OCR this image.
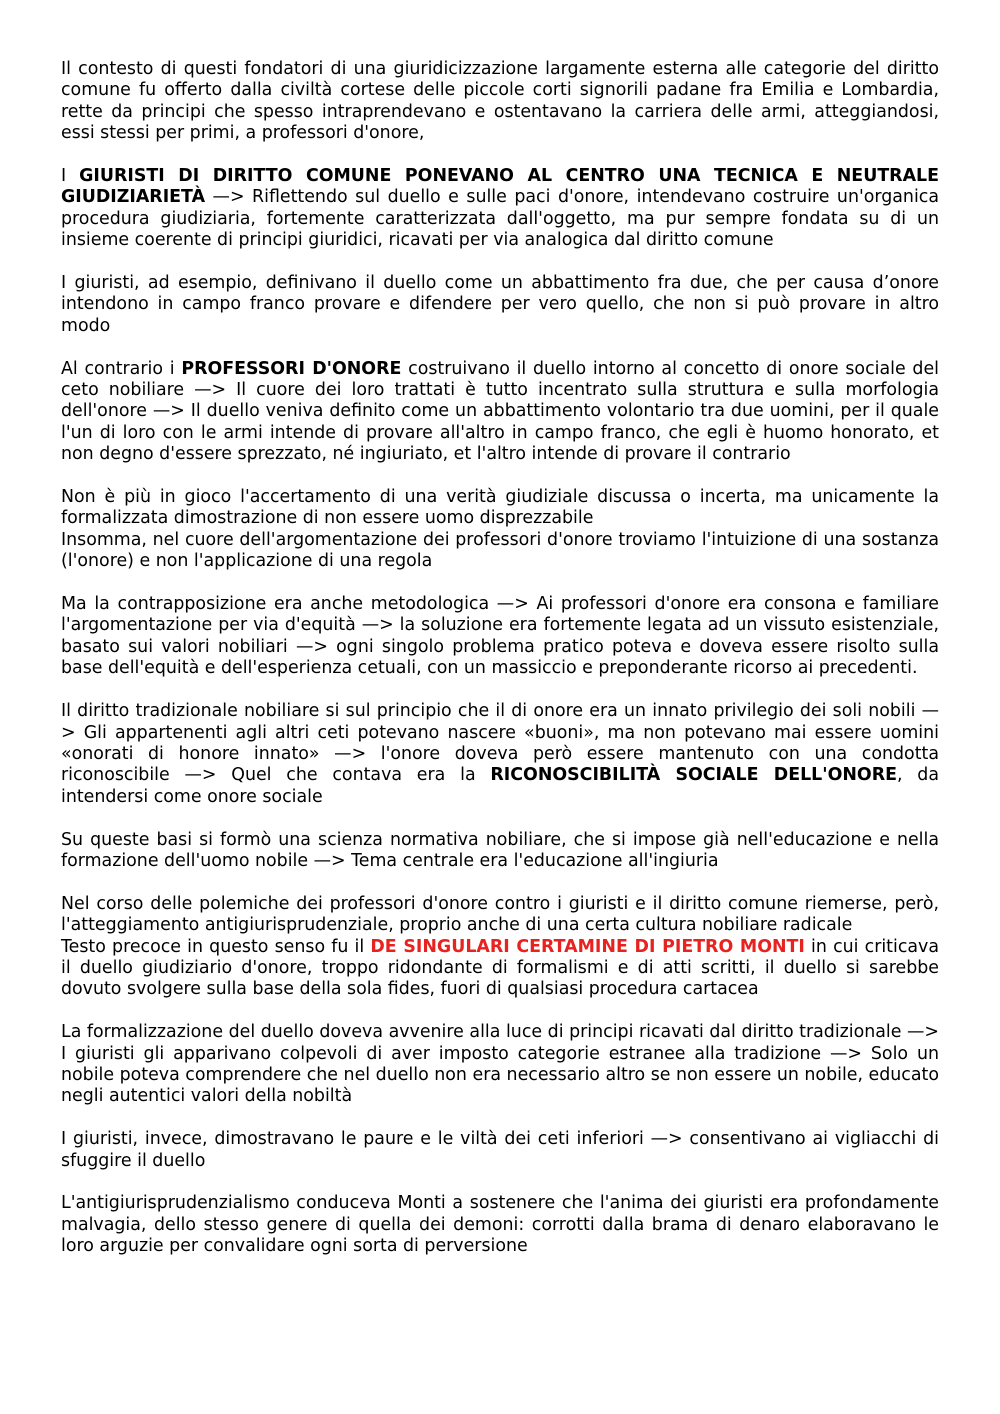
Il contesto di questi fondatori di una giuridicizzazione largamente esterna alle categorie del diritto comune fu offerto dalla civiltà cortese delle piccole corti signorili padane fra Emilia e Lombardia, rette da principi che spesso intraprendevano e ostentavano la carriera delle armi, atteggiandosi, essi stessi per primi, a professori d'onore,

I GIURISTI DI DIRITTO COMUNE PONEVANO AL CENTRO UNA TECNICA E NEUTRALE GIUDIZIARIETÀ —> Riflettendo sul duello e sulle paci d'onore, intendevano costruire un'organica procedura giudiziaria, fortemente caratterizzata dall'oggetto, ma pur sempre fondata su di un insieme coerente di principi giuridici, ricavati per via analogica dal diritto comune

I giuristi, ad esempio, definivano il duello come un abbattimento fra due, che per causa d’onore intendono in campo franco provare e difendere per vero quello, che non si può provare in altro modo

Al contrario i PROFESSORI D'ONORE costruivano il duello intorno al concetto di onore sociale del ceto nobiliare —> Il cuore dei loro trattati è tutto incentrato sulla struttura e sulla morfologia dell'onore —> Il duello veniva definito come un abbattimento volontario tra due uomini, per il quale l'un di loro con le armi intende di provare all'altro in campo franco, che egli è huomo honorato, et non degno d'essere sprezzato, né ingiuriato, et l'altro intende di provare il contrario

Non è più in gioco l'accertamento di una verità giudiziale discussa o incerta, ma unicamente la formalizzata dimostrazione di non essere uomo disprezzabile

Insomma, nel cuore dell'argomentazione dei professori d'onore troviamo l'intuizione di una sostanza (l'onore) e non l'applicazione di una regola

Ma la contrapposizione era anche metodologica —> Ai professori d'onore era consona e familiare l'argomentazione per via d'equità —> la soluzione era fortemente legata ad un vissuto esistenziale, basato sui valori nobiliari —> ogni singolo problema pratico poteva e doveva essere risolto sulla base dell'equità e dell'esperienza cetuali, con un massiccio e preponderante ricorso ai precedenti.

Il diritto tradizionale nobiliare si sul principio che il di onore era un innato privilegio dei soli nobili —> Gli appartenenti agli altri ceti potevano nascere «buoni», ma non potevano mai essere uomini «onorati di honore innato» —> l'onore doveva però essere mantenuto con una condotta riconoscibile —> Quel che contava era la RICONOSCIBILITÀ SOCIALE DELL'ONORE, da intendersi come onore sociale

Su queste basi si formò una scienza normativa nobiliare, che si impose già nell'educazione e nella formazione dell'uomo nobile —> Tema centrale era l'educazione all'ingiuria

Nel corso delle polemiche dei professori d'onore contro i giuristi e il diritto comune riemerse, però, l'atteggiamento antigiurisprudenziale, proprio anche di una certa cultura nobiliare radicale

Testo precoce in questo senso fu il DE SINGULARI CERTAMINE DI PIETRO MONTI in cui criticava il duello giudiziario d'onore, troppo ridondante di formalismi e di atti scritti, il duello si sarebbe dovuto svolgere sulla base della sola fides, fuori di qualsiasi procedura cartacea

La formalizzazione del duello doveva avvenire alla luce di principi ricavati dal diritto tradizionale —> I giuristi gli apparivano colpevoli di aver imposto categorie estranee alla tradizione —> Solo un nobile poteva comprendere che nel duello non era necessario altro se non essere un nobile, educato negli autentici valori della nobiltà

I giuristi, invece, dimostravano le paure e le viltà dei ceti inferiori —> consentivano ai vigliacchi di sfuggire il duello

L'antigiurisprudenzialismo conduceva Monti a sostenere che l'anima dei giuristi era profondamente malvagia, dello stesso genere di quella dei demoni: corrotti dalla brama di denaro elaboravano le loro arguzie per convalidare ogni sorta di perversione
